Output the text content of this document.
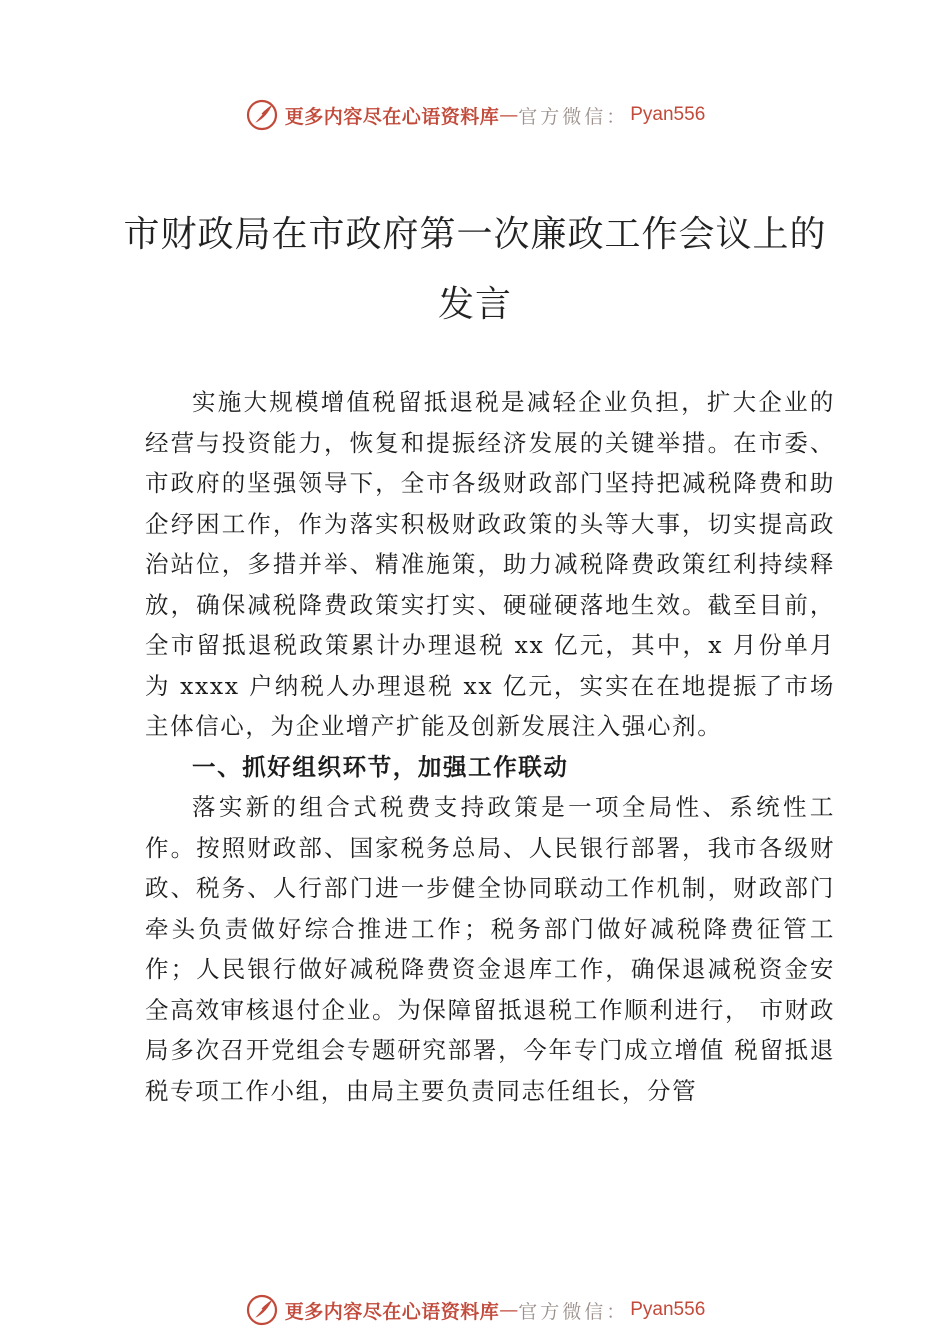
更多内容尽在心语资料库 — 官方微信： Pyan556
市财政局在市政府第一次廉政工作会议上的发言

实施大规模增值税留抵退税是减轻企业负担，扩大企业的经营与投资能力，恢复和提振经济发展的关键举措。在市委、市政府的坚强领导下，全市各级财政部门坚持把减税降费和助企纾困工作，作为落实积极财政政策的头等大事，切实提高政治站位，多措并举、精准施策，助力减税降费政策红利持续释放，确保减税降费政策实打实、硬碰硬落地生效。截至目前，全市留抵退税政策累计办理退税 xx 亿元，其中，x 月份单月为 xxxx 户纳税人办理退税 xx 亿元，实实在在地提振了市场主体信心，为企业增产扩能及创新发展注入强心剂。

一、抓好组织环节，加强工作联动

落实新的组合式税费支持政策是一项全局性、系统性工作。按照财政部、国家税务总局、人民银行部署，我市各级财政、税务、人行部门进一步健全协同联动工作机制，财政部门牵头负责做好综合推进工作；税务部门做好减税降费征管工作；人民银行做好减税降费资金退库工作，确保退减税资金安全高效审核退付企业。为保障留抵退税工作顺利进行， 市财政局多次召开党组会专题研究部署，今年专门成立增值 税留抵退税专项工作小组，由局主要负责同志任组长，分管

更多内容尽在心语资料库 — 官方微信： Pyan556
